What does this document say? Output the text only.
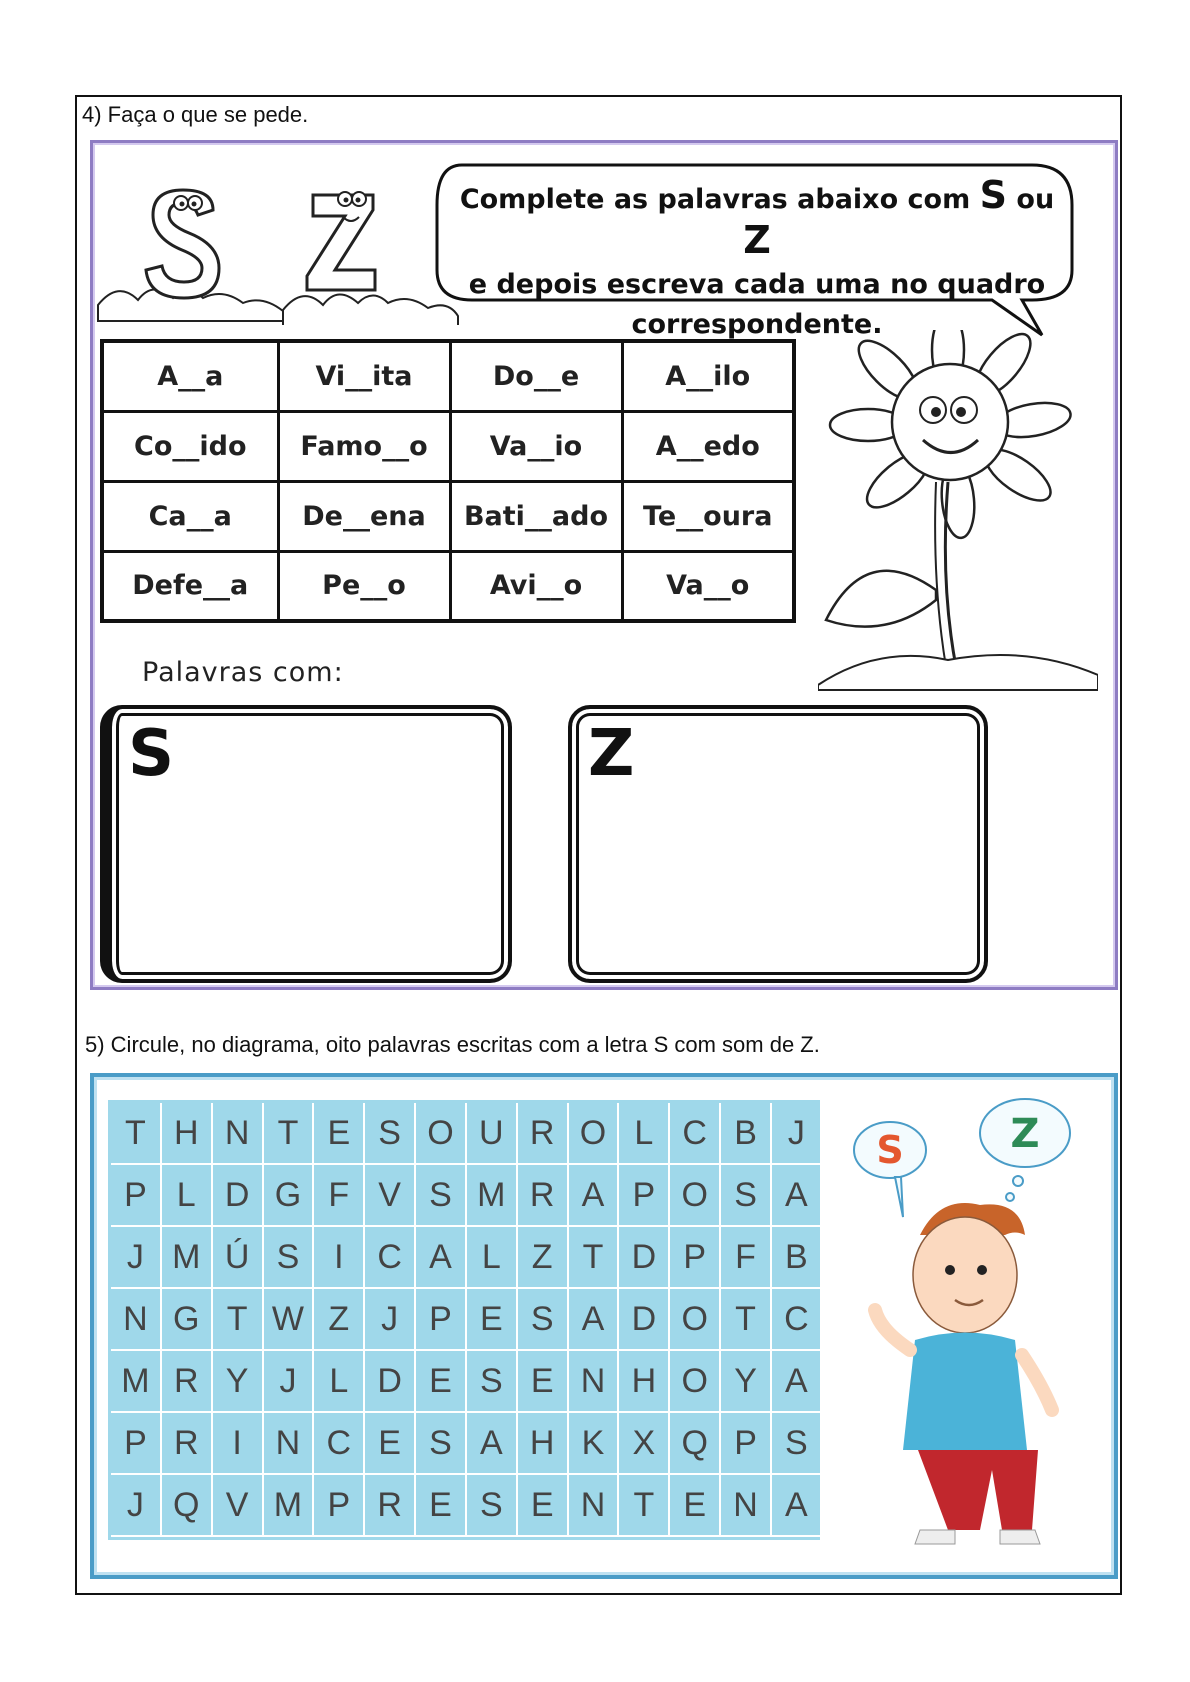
4) Faça o que se pede.
Complete as palavras abaixo com S ou Z
e depois escreva cada uma no quadro
correspondente.
A__a	Vi__ita	Do__e	A__ilo
Co__ido	Famo__o	Va__io	A__edo
Ca__a	De__ena	Bati__ado	Te__oura
Defe__a	Pe__o	Avi__o	Va__o
Palavras com:
S	Z
5) Circule, no diagrama, oito palavras escritas com a letra S com som de Z.
T H N T E S O U R O L C B J
P L D G F V S M R A P O S A
J M Ú S	I C A L Z T D P F B
N G T W Z J P E S A D O T C
M R Y J L D E S E N H O Y A
P R I N C E S A H K X Q P S
J Q V M P R E S E N T E N A
S	Z
